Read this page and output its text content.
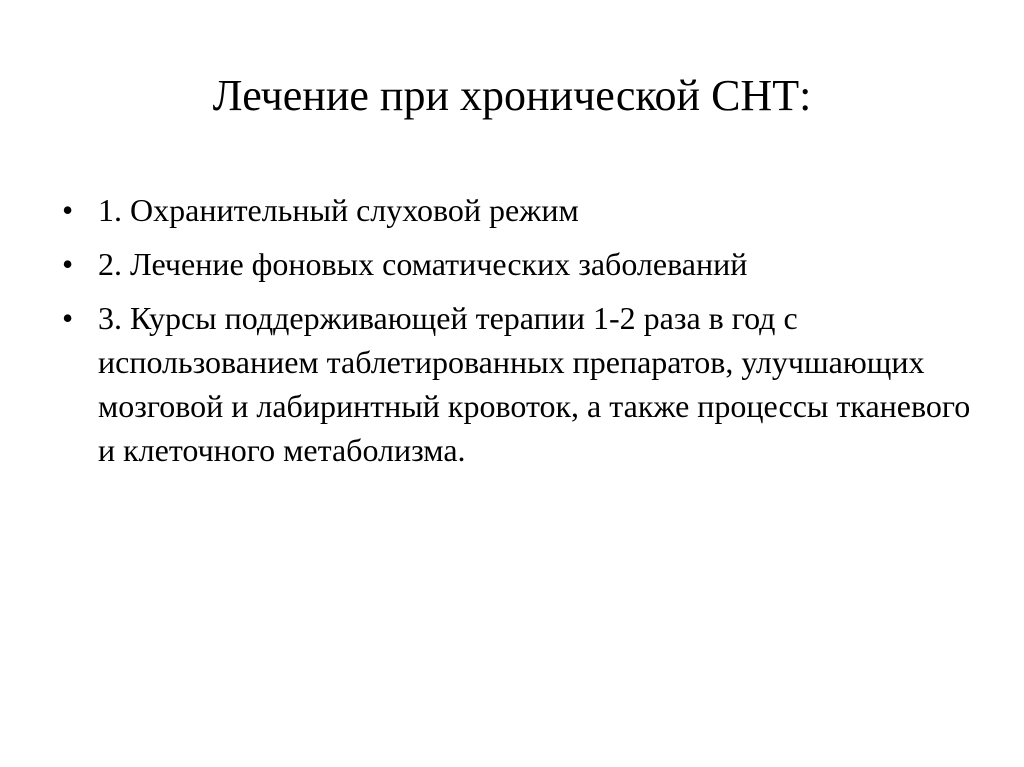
Лечение при хронической СНТ:
• 1. Охранительный слуховой режим
• 2. Лечение фоновых соматических заболеваний
• 3. Курсы поддерживающей терапии 1-2 раза в год с использованием таблетированных препаратов, улучшающих мозговой и лабиринтный кровоток, а также процессы тканевого и клеточного метаболизма.
